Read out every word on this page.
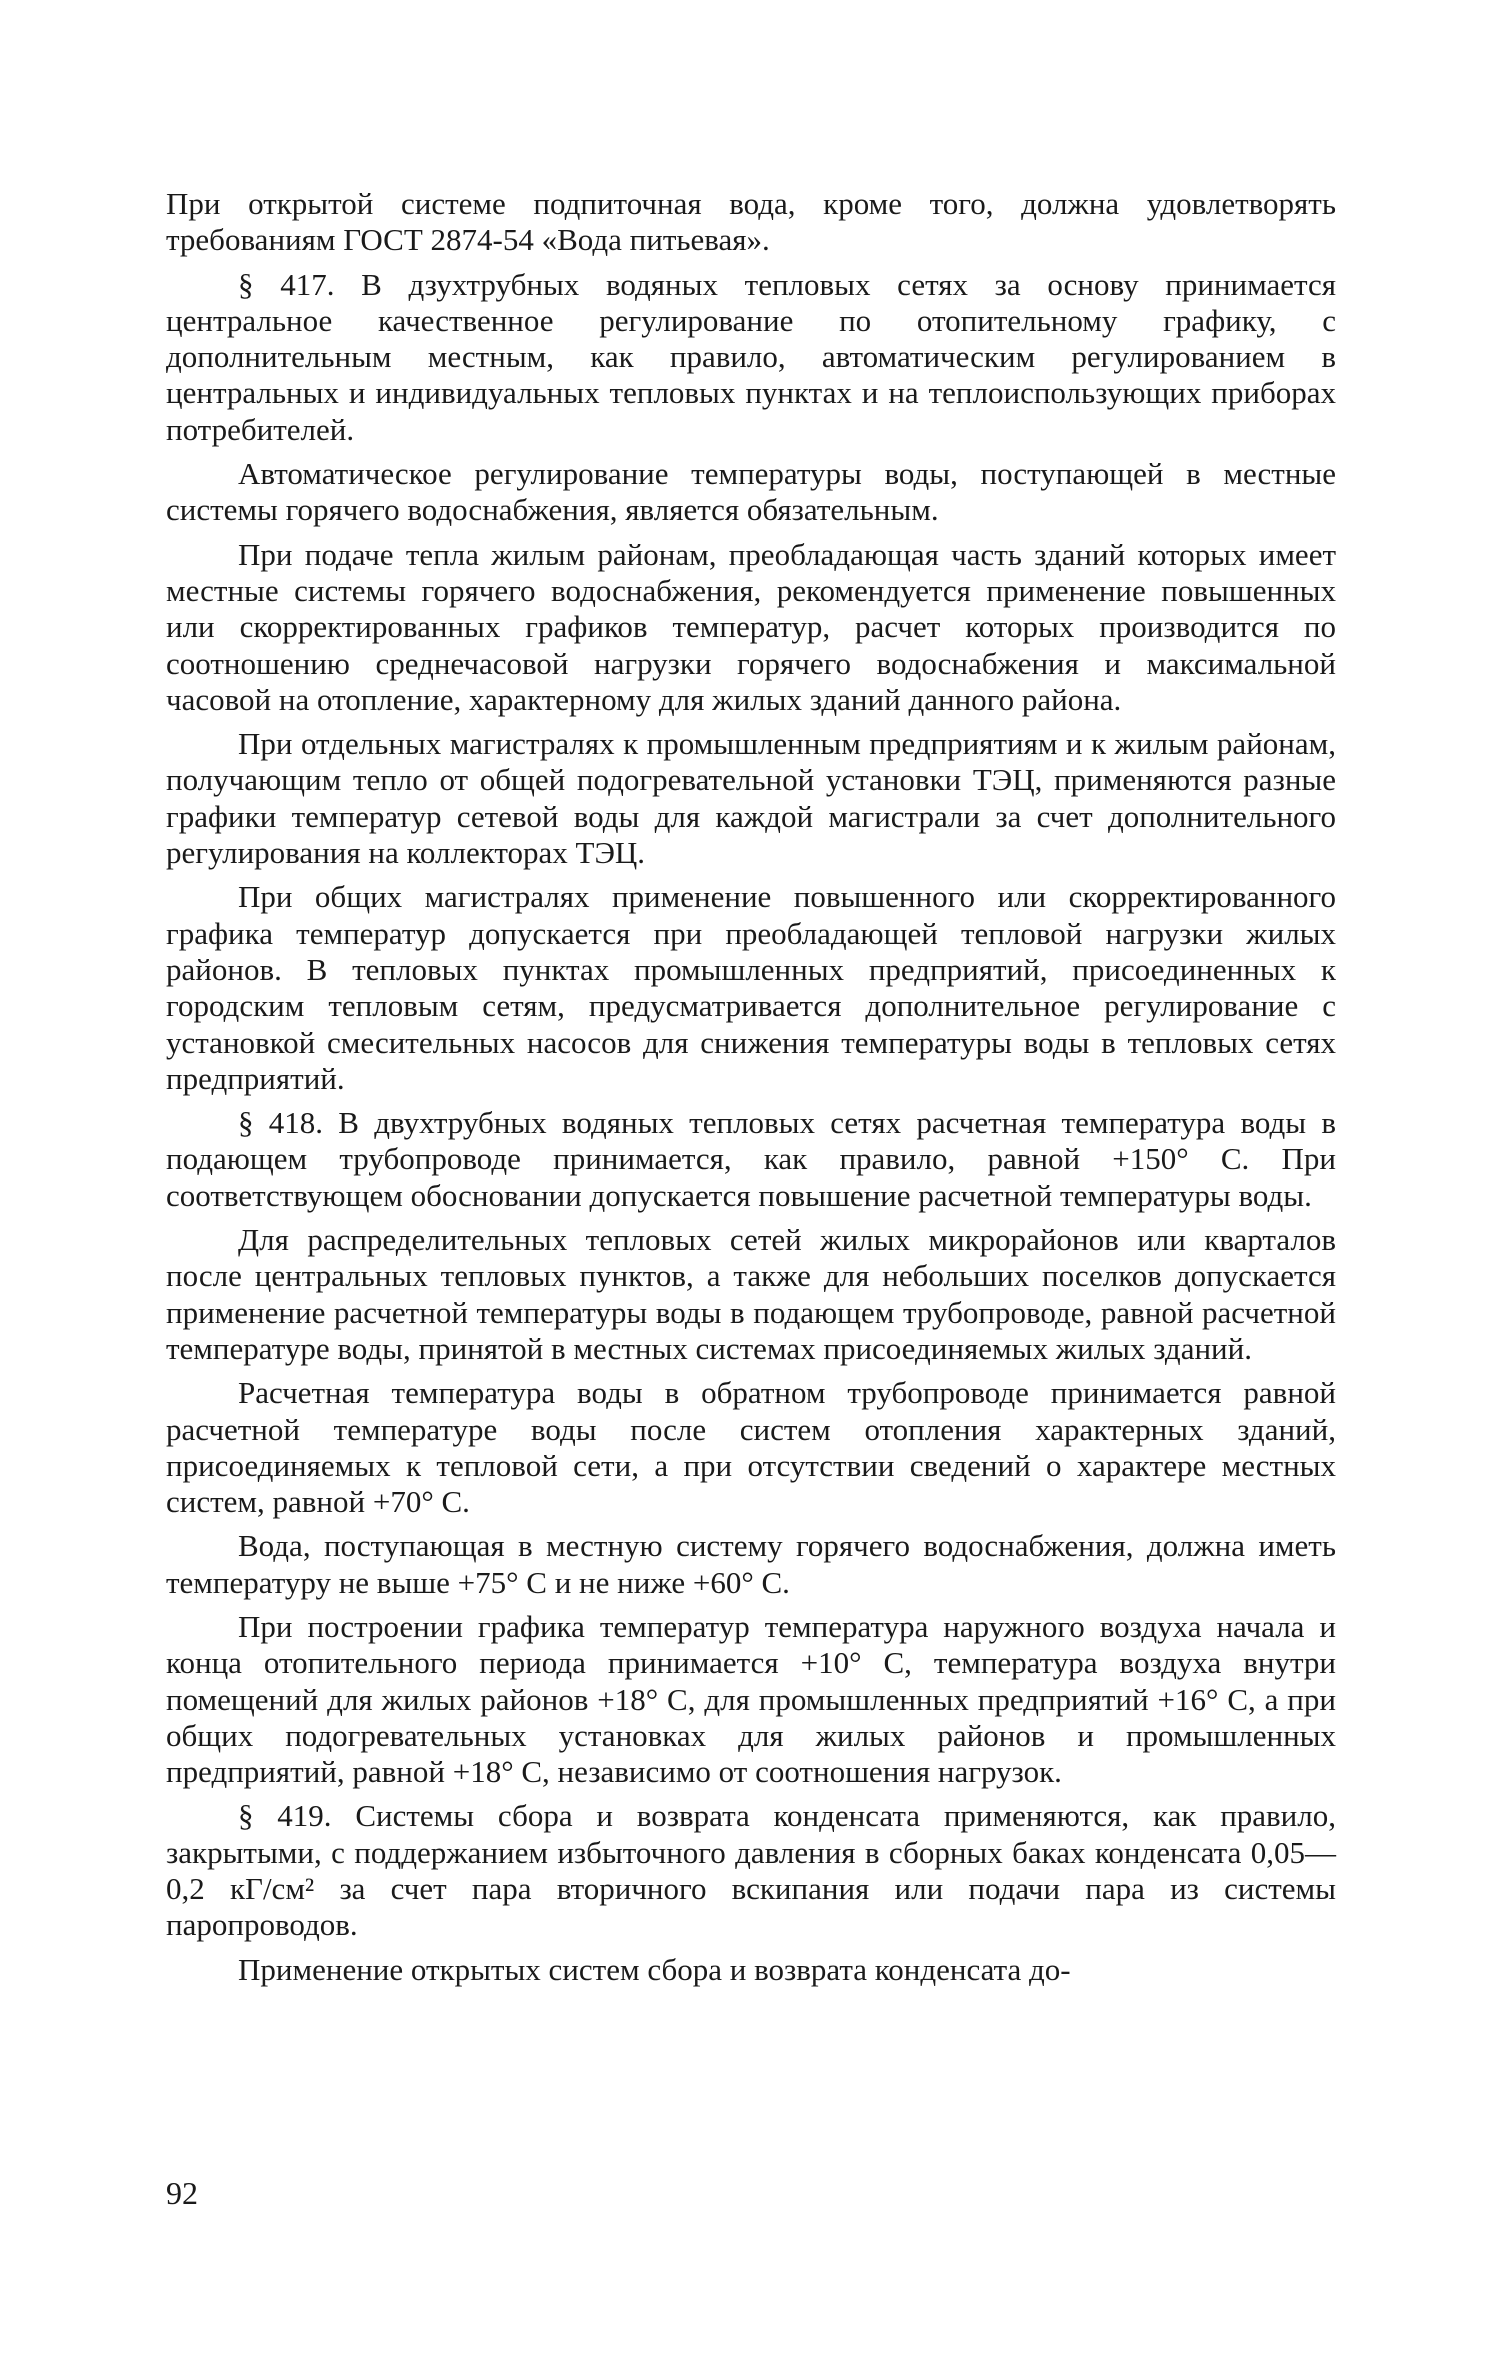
При открытой системе подпиточная вода, кроме того, должна удовлетворять требованиям ГОСТ 2874-54 «Вода питьевая».

§ 417. В дзухтрубных водяных тепловых сетях за основу принимается центральное качественное регулирование по отопительному графику, с дополнительным местным, как правило, автоматическим регулированием в центральных и индивидуальных тепловых пунктах и на теплоиспользующих приборах потребителей.

Автоматическое регулирование температуры воды, поступающей в местные системы горячего водоснабжения, является обязательным.

При подаче тепла жилым районам, преобладающая часть зданий которых имеет местные системы горячего водоснабжения, рекомендуется применение повышенных или скорректированных графиков температур, расчет которых производится по соотношению среднечасовой нагрузки горячего водоснабжения и максимальной часовой на отопление, характерному для жилых зданий данного района.

При отдельных магистралях к промышленным предприятиям и к жилым районам, получающим тепло от общей подогревательной установки ТЭЦ, применяются разные графики температур сетевой воды для каждой магистрали за счет дополнительного регулирования на коллекторах ТЭЦ.

При общих магистралях применение повышенного или скорректированного графика температур допускается при преобладающей тепловой нагрузки жилых районов. В тепловых пунктах промышленных предприятий, присоединенных к городским тепловым сетям, предусматривается дополнительное регулирование с установкой смесительных насосов для снижения температуры воды в тепловых сетях предприятий.

§ 418. В двухтрубных водяных тепловых сетях расчетная температура воды в подающем трубопроводе принимается, как правило, равной +150° С. При соответствующем обосновании допускается повышение расчетной температуры воды.

Для распределительных тепловых сетей жилых микрорайонов или кварталов после центральных тепловых пунктов, а также для небольших поселков допускается применение расчетной температуры воды в подающем трубопроводе, равной расчетной температуре воды, принятой в местных системах присоединяемых жилых зданий.

Расчетная температура воды в обратном трубопроводе принимается равной расчетной температуре воды после систем отопления характерных зданий, присоединяемых к тепловой сети, а при отсутствии сведений о характере местных систем, равной +70° С.

Вода, поступающая в местную систему горячего водоснабжения, должна иметь температуру не выше +75° С и не ниже +60° С.

При построении графика температур температура наружного воздуха начала и конца отопительного периода принимается +10° С, температура воздуха внутри помещений для жилых районов +18° С, для промышленных предприятий +16° С, а при общих подогревательных установках для жилых районов и промышленных предприятий, равной +18° С, независимо от соотношения нагрузок.

§ 419. Системы сбора и возврата конденсата применяются, как правило, закрытыми, с поддержанием избыточного давления в сборных баках конденсата 0,05—0,2 кГ/см² за счет пара вторичного вскипания или подачи пара из системы паропроводов.

Применение открытых систем сбора и возврата конденсата до-

92
